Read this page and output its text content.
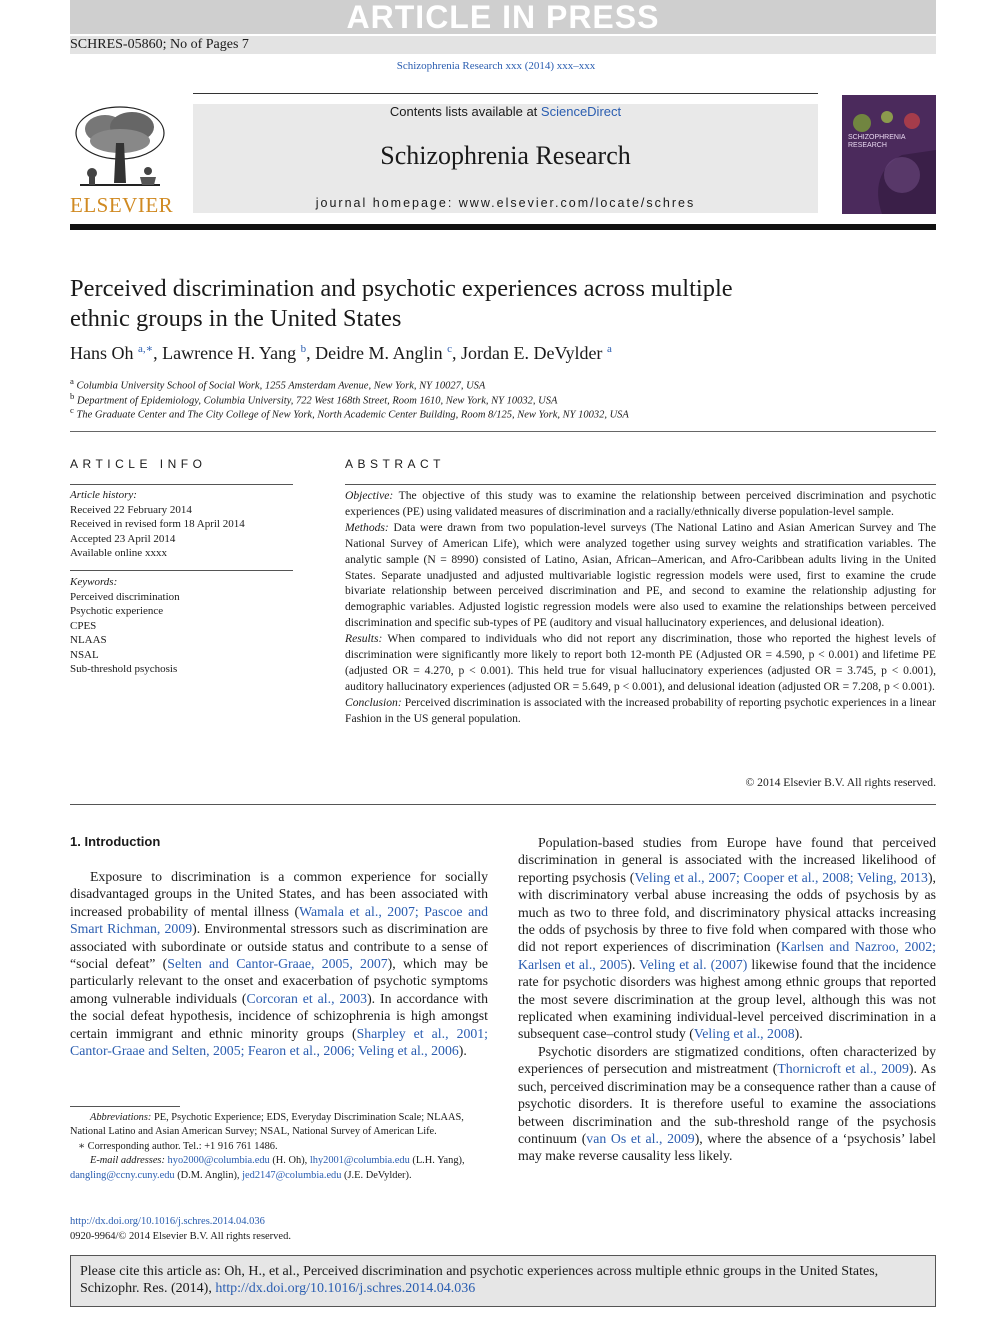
ARTICLE IN PRESS
SCHRES-05860; No of Pages 7
Schizophrenia Research xxx (2014) xxx–xxx
ELSEVIER
Contents lists available at ScienceDirect
Schizophrenia Research
journal homepage: www.elsevier.com/locate/schres
SCHIZOPHRENIA RESEARCH
Perceived discrimination and psychotic experiences across multiple
ethnic groups in the United States
Hans Oh $^{a,∗}$, Lawrence H. Yang $^b$, Deidre M. Anglin $^c$, Jordan E. DeVylder $^a$
$^a$ Columbia University School of Social Work, 1255 Amsterdam Avenue, New York, NY 10027, USA
$^b$ Department of Epidemiology, Columbia University, 722 West 168th Street, Room 1610, New York, NY 10032, USA
$^c$ The Graduate Center and The City College of New York, North Academic Center Building, Room 8/125, New York, NY 10032, USA
ARTICLE INFO
Article history:
Received 22 February 2014
Received in revised form 18 April 2014
Accepted 23 April 2014
Available online xxxx
Keywords:
Perceived discrimination
Psychotic experience
CPES
NLAAS
NSAL
Sub-threshold psychosis
ABSTRACT

Objective: The objective of this study was to examine the relationship between perceived discrimination and psychotic experiences (PE) using validated measures of discrimination and a racially/ethnically diverse population-level sample.

Methods: Data were drawn from two population-level surveys (The National Latino and Asian American Survey and The National Survey of American Life), which were analyzed together using survey weights and stratification variables. The analytic sample (N = 8990) consisted of Latino, Asian, African–American, and Afro-Caribbean adults living in the United States. Separate unadjusted and adjusted multivariable logistic regression models were used, first to examine the crude bivariate relationship between perceived discrimination and PE, and second to examine the relationship adjusting for demographic variables. Adjusted logistic regression models were also used to examine the relationships between perceived discrimination and specific sub-types of PE (auditory and visual hallucinatory experiences, and delusional ideation).

Results: When compared to individuals who did not report any discrimination, those who reported the highest levels of discrimination were significantly more likely to report both 12-month PE (Adjusted OR = 4.590, p < 0.001) and lifetime PE (adjusted OR = 4.270, p < 0.001). This held true for visual hallucinatory experiences (adjusted OR = 3.745, p < 0.001), auditory hallucinatory experiences (adjusted OR = 5.649, p < 0.001), and delusional ideation (adjusted OR = 7.208, p < 0.001).

Conclusion: Perceived discrimination is associated with the increased probability of reporting psychotic experiences in a linear Fashion in the US general population.

© 2014 Elsevier B.V. All rights reserved.
1. Introduction

Exposure to discrimination is a common experience for socially disadvantaged groups in the United States, and has been associated with increased probability of mental illness (Wamala et al., 2007; Pascoe and Smart Richman, 2009). Environmental stressors such as discrimination are associated with subordinate or outside status and contribute to a sense of “social defeat” (Selten and Cantor-Graae, 2005, 2007), which may be particularly relevant to the onset and exacerbation of psychotic symptoms among vulnerable individuals (Corcoran et al., 2003). In accordance with the social defeat hypothesis, incidence of schizophrenia is high amongst certain immigrant and ethnic minority groups (Sharpley et al., 2001; Cantor-Graae and Selten, 2005; Fearon et al., 2006; Veling et al., 2006).

Population-based studies from Europe have found that perceived discrimination in general is associated with the increased likelihood of reporting psychosis (Veling et al., 2007; Cooper et al., 2008; Veling, 2013), with discriminatory verbal abuse increasing the odds of psychosis by as much as two to three fold, and discriminatory physical attacks increasing the odds of psychosis by three to five fold when compared with those who did not report experiences of discrimination (Karlsen and Nazroo, 2002; Karlsen et al., 2005). Veling et al. (2007) likewise found that the incidence rate for psychotic disorders was highest among ethnic groups that reported the most severe discrimination at the group level, although this was not replicated when examining individual-level perceived discrimination in a subsequent case–control study (Veling et al., 2008).

Psychotic disorders are stigmatized conditions, often characterized by experiences of persecution and mistreatment (Thornicroft et al., 2009). As such, perceived discrimination may be a consequence rather than a cause of psychotic disorders. It is therefore useful to examine the associations between discrimination and the sub-threshold range of the psychosis continuum (van Os et al., 2009), where the absence of a ‘psychosis’ label may make reverse causality less likely.

Abbreviations: PE, Psychotic Experience; EDS, Everyday Discrimination Scale; NLAAS, National Latino and Asian American Survey; NSAL, National Survey of American Life.

∗ Corresponding author. Tel.: +1 916 761 1486.

E-mail addresses: hyo2000@columbia.edu (H. Oh), lhy2001@columbia.edu (L.H. Yang), dangling@ccny.cuny.edu (D.M. Anglin), jed2147@columbia.edu (J.E. DeVylder).

http://dx.doi.org/10.1016/j.schres.2014.04.036
0920-9964/© 2014 Elsevier B.V. All rights reserved.
Please cite this article as: Oh, H., et al., Perceived discrimination and psychotic experiences across multiple ethnic groups in the United States, Schizophr. Res. (2014), http://dx.doi.org/10.1016/j.schres.2014.04.036
